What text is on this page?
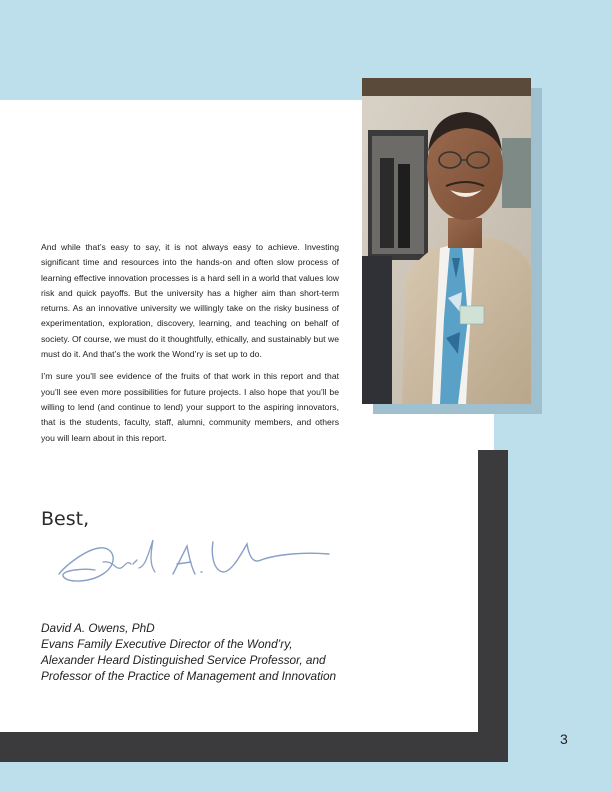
And while that’s easy to say, it is not always easy to achieve. Investing significant time and resources into the hands-on and often slow process of learning effective innovation processes is a hard sell in a world that values low risk and quick payoffs. But the university has a higher aim than short-term returns. As an innovative university we willingly take on the risky business of experimentation, exploration, discovery, learning, and teaching on behalf of society. Of course, we must do it thoughtfully, ethically, and sustainably but we must do it. And that’s the work the Wond’ry is set up to do.

I’m sure you’ll see evidence of the fruits of that work in this report and that you’ll see even more possibilities for future projects. I also hope that you’ll be willing to lend (and continue to lend) your support to the aspiring innovators, that is the students, faculty, staff, alumni, community members, and others you will learn about in this report.

Best,
David A. Owens, PhD
Evans Family Executive Director of the Wond’ry,
Alexander Heard Distinguished Service Professor, and
Professor of the Practice of Management and Innovation
3
